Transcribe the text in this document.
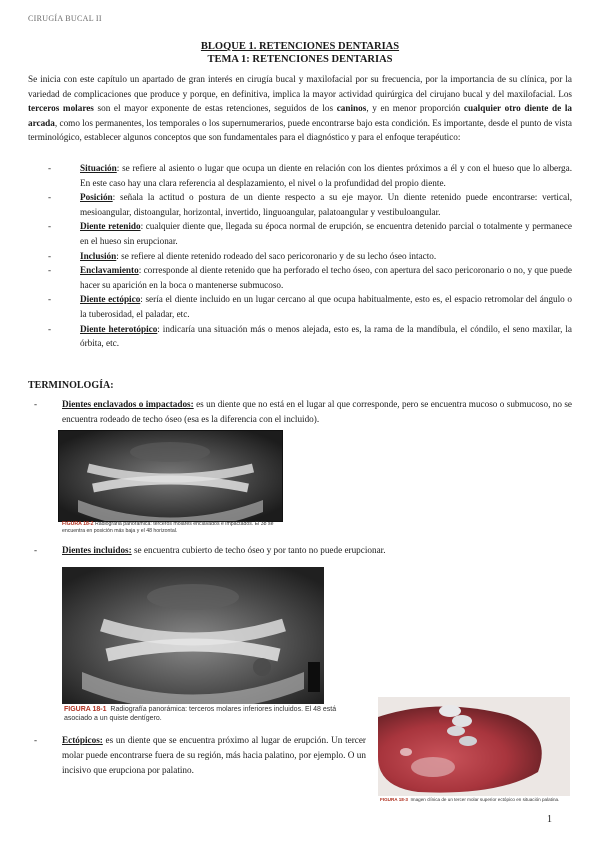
CIRUGÍA BUCAL II
BLOQUE 1. RETENCIONES DENTARIAS
TEMA 1: RETENCIONES DENTARIAS
Se inicia con este capítulo un apartado de gran interés en cirugía bucal y maxilofacial por su frecuencia, por la importancia de su clínica, por la variedad de complicaciones que produce y porque, en definitiva, implica la mayor actividad quirúrgica del cirujano bucal y del maxilofacial. Los terceros molares son el mayor exponente de estas retenciones, seguidos de los caninos, y en menor proporción cualquier otro diente de la arcada, como los permanentes, los temporales o los supernumerarios, puede encontrarse bajo esta condición. Es importante, desde el punto de vista terminológico, establecer algunos conceptos que son fundamentales para el diagnóstico y para el enfoque terapéutico:
-	Situación: se refiere al asiento o lugar que ocupa un diente en relación con los dientes próximos a él y con el hueso que lo alberga. En este caso hay una clara referencia al desplazamiento, el nivel o la profundidad del propio diente.
-	Posición: señala la actitud o postura de un diente respecto a su eje mayor. Un diente retenido puede encontrarse: vertical, mesioangular, distoangular, horizontal, invertido, linguoangular, palatoangular y vestibuloangular.
-	Diente retenido: cualquier diente que, llegada su época normal de erupción, se encuentra detenido parcial o totalmente y permanece en el hueso sin erupcionar.
-	Inclusión: se refiere al diente retenido rodeado del saco pericoronario y de su lecho óseo intacto.
-	Enclavamiento: corresponde al diente retenido que ha perforado el techo óseo, con apertura del saco pericoronario o no, y que puede hacer su aparición en la boca o mantenerse submucoso.
-	Diente ectópico: sería el diente incluido en un lugar cercano al que ocupa habitualmente, esto es, el espacio retromolar del ángulo o la tuberosidad, el paladar, etc.
-	Diente heterotópico: indicaría una situación más o menos alejada, esto es, la rama de la mandíbula, el cóndilo, el seno maxilar, la órbita, etc.
TERMINOLOGÍA:
-	Dientes enclavados o impactados: es un diente que no está en el lugar al que corresponde, pero se encuentra mucoso o submucoso, no se encuentra rodeado de techo óseo (esa es la diferencia con el incluido).
FIGURA 18-2 Radiografía panorámica: terceros molares enclavados e impactados. El 38 se encuentra en posición más baja y el 48 horizontal.
-	Dientes incluidos: se encuentra cubierto de techo óseo y por tanto no puede erupcionar.
FIGURA 18-1 Radiografía panorámica: terceros molares inferiores incluidos. El 48 está asociado a un quiste dentígero.
-	Ectópicos: es un diente que se encuentra próximo al lugar de erupción. Un tercer molar puede encontrarse fuera de su región, más hacia palatino, por ejemplo. O un incisivo que erupciona por palatino.
FIGURA 18-3 Imagen clínica de un tercer molar superior ectópico en situación palatina.
1
